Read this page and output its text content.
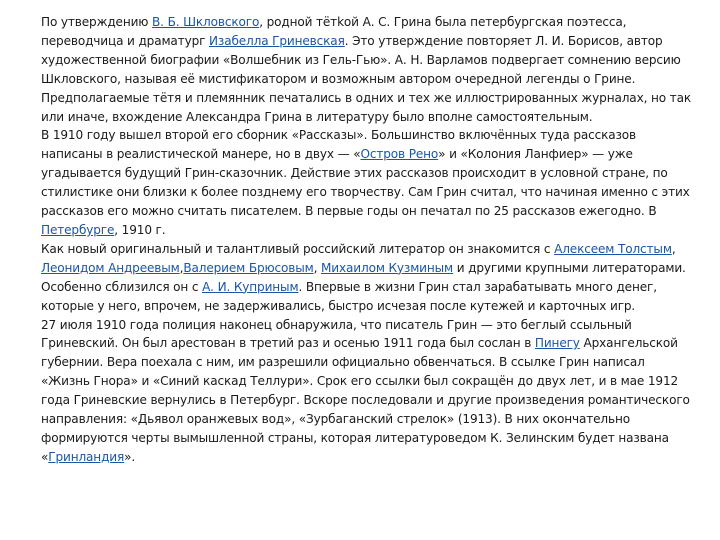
По утверждению В. Б. Шкловского, родной тётkой А. С. Грина была петербургская поэтесса, переводчица и драматург Изабелла Гриневская. Это утверждение повторяет Л. И. Борисов, автор художественной биографии «Волшебник из Гель-Гью». А. Н. Варламов подвергает сомнению версию Шкловского, называя её мистификатором и возможным автором очередной легенды о Грине. Предполагаемые тётя и племянник печатались в одних и тех же иллюстрированных журналах, но так или иначе, вхождение Александра Грина в литературу было вполне самостоятельным.

В 1910 году вышел второй его сборник «Рассказы». Большинство включённых туда рассказов написаны в реалистической манере, но в двух — «Остров Рено» и «Колония Ланфиер» — уже угадывается будущий Грин-сказочник. Действие этих рассказов происходит в условной стране, по стилистике они близки к более позднему его творчеству. Сам Грин считал, что начиная именно с этих рассказов его можно считать писателем. В первые годы он печатал по 25 рассказов ежегодно. В Петербурге, 1910 г.

Как новый оригинальный и талантливый российский литератор он знакомится с Алексеем Толстым, Леонидом Андреевым,Валерием Брюсовым, Михаилом Кузминым и другими крупными литераторами. Особенно сблизился он с А. И. Куприным. Впервые в жизни Грин стал зарабатывать много денег, которые у него, впрочем, не задерживались, быстро исчезая после кутежей и карточных игр.

27 июля 1910 года полиция наконец обнаружила, что писатель Грин — это беглый ссыльный Гриневский. Он был арестован в третий раз и осенью 1911 года был сослан в Пинегу Архангельской губернии. Вера поехала с ним, им разрешили официально обвенчаться. В ссылке Грин написал «Жизнь Гнора» и «Синий каскад Теллури». Срок его ссылки был сокращён до двух лет, и в мае 1912 года Гриневские вернулись в Петербург. Вскоре последовали и другие произведения романтического направления: «Дьявол оранжевых вод», «Зурбаганский стрелок» (1913). В них окончательно формируются черты вымышленной страны, которая литературоведом К. Зелинским будет названа «Гринландия».
